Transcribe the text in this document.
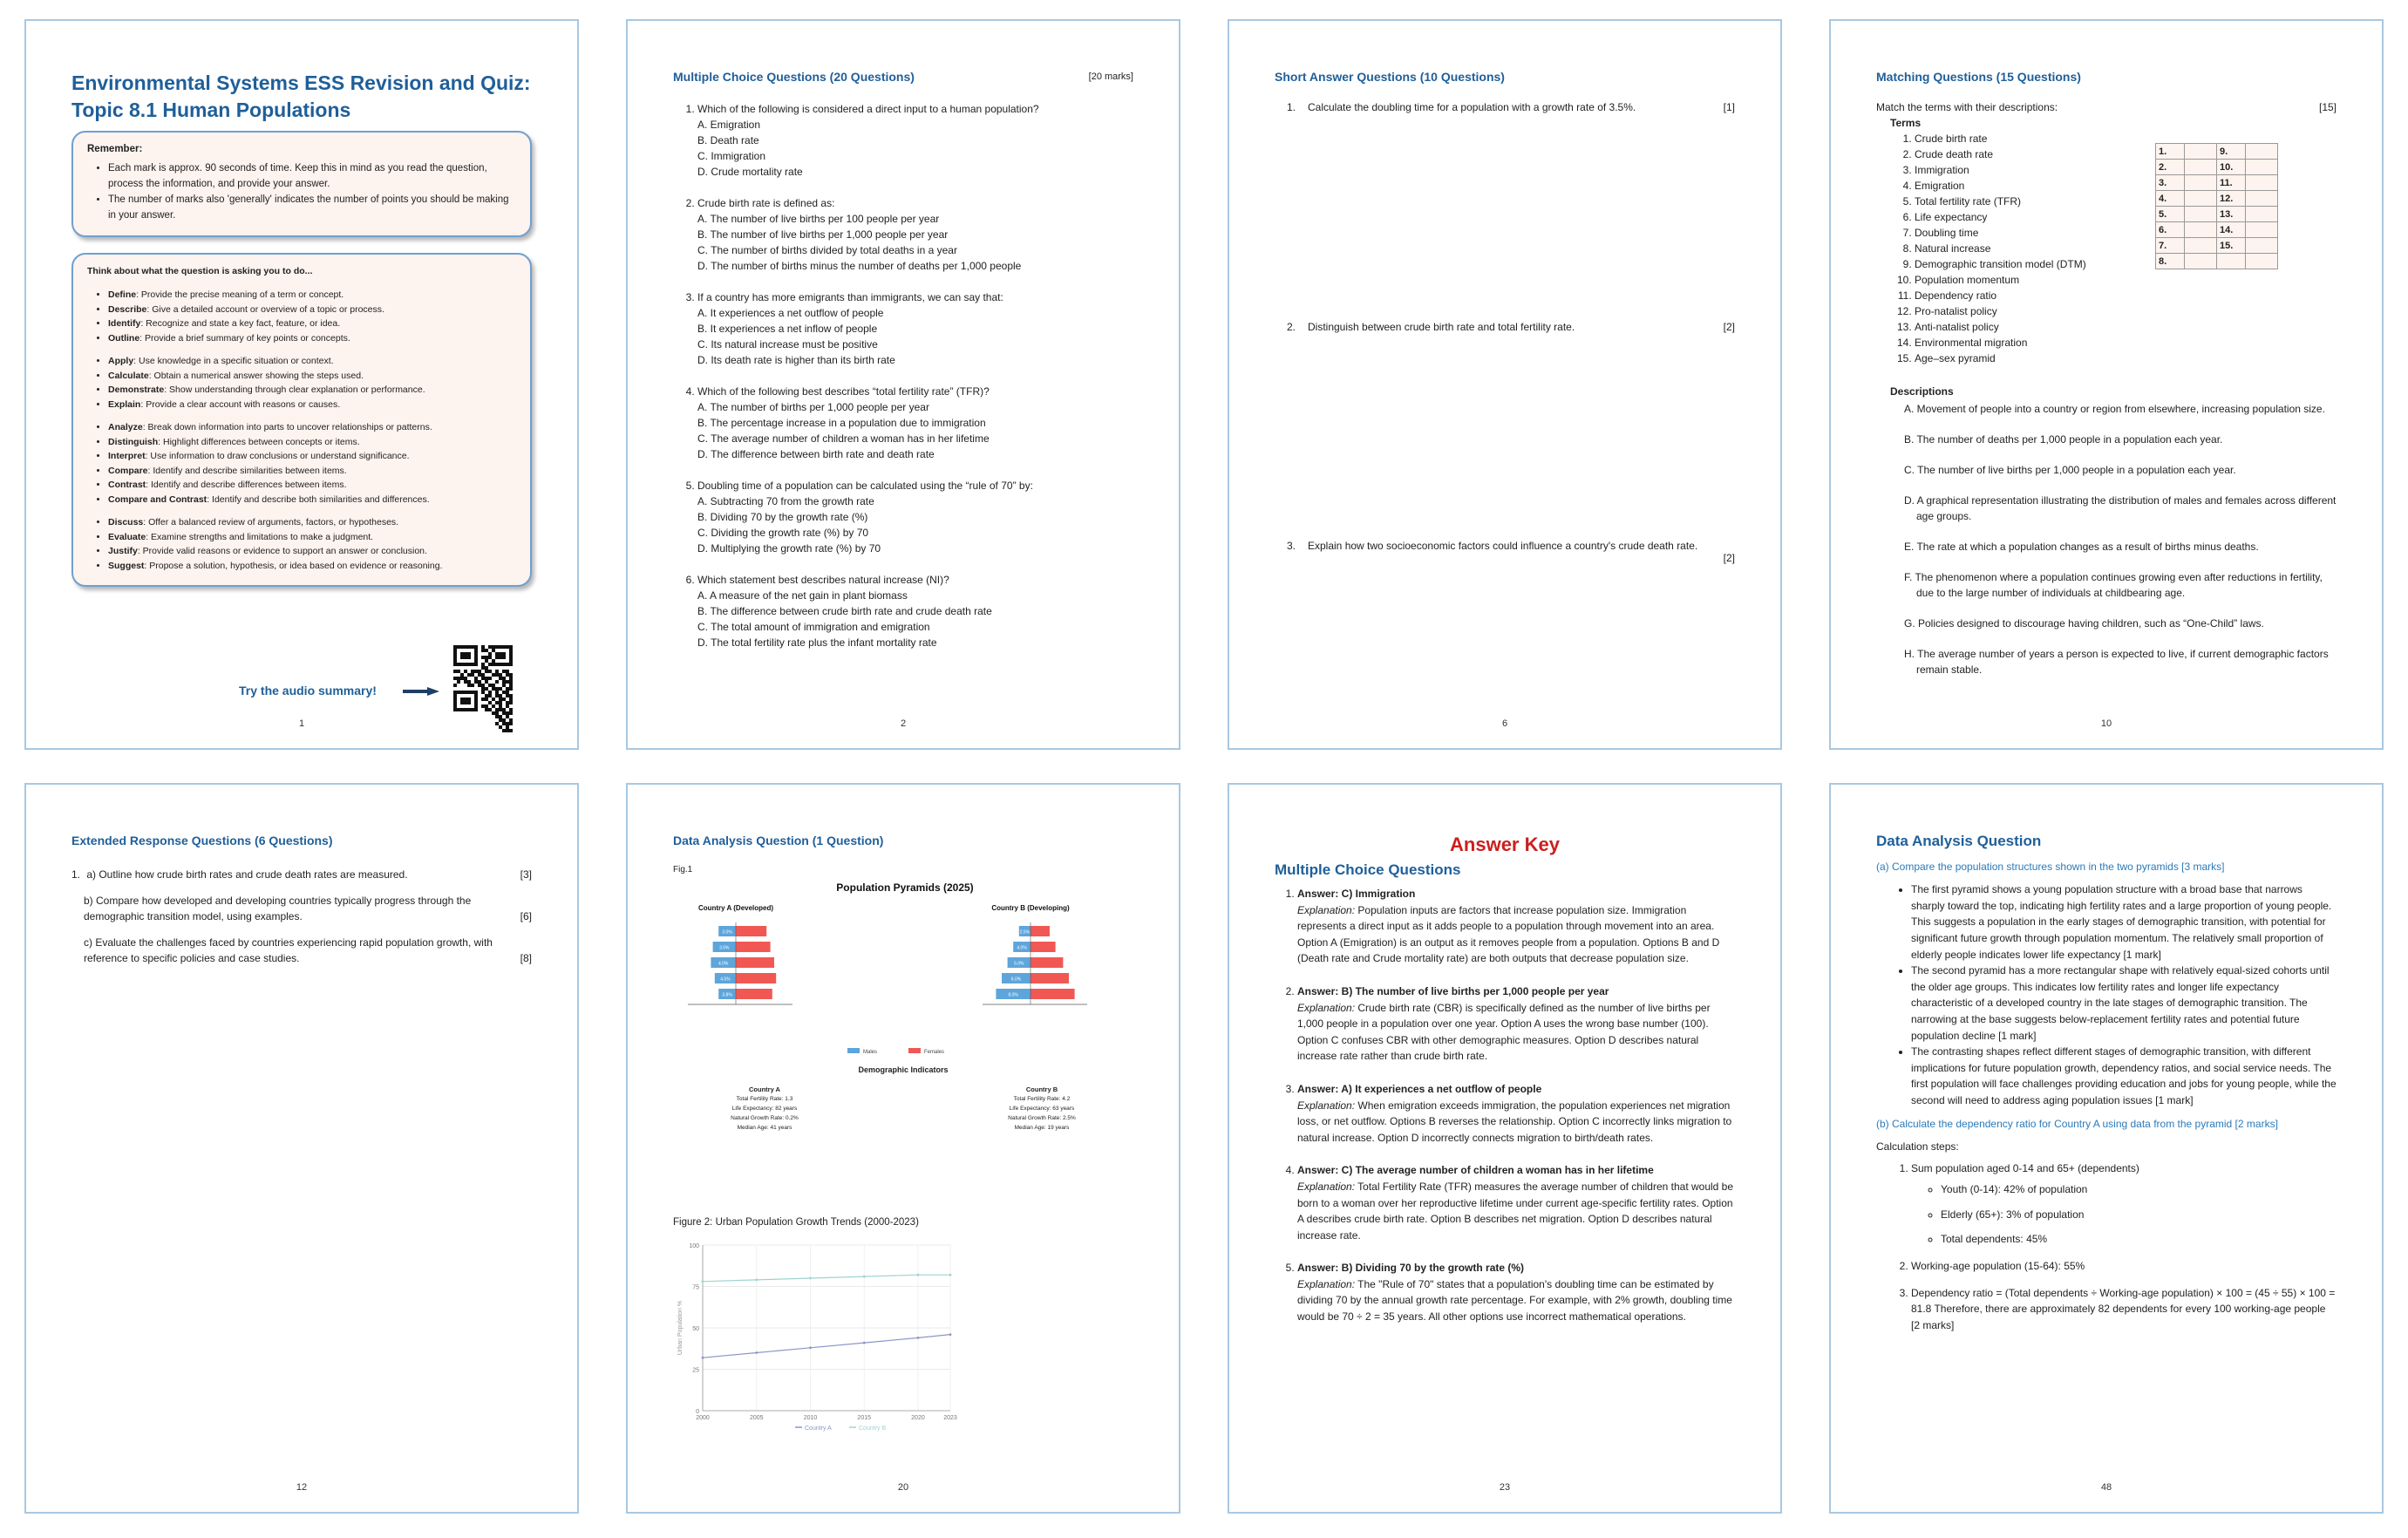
Environmental Systems ESS Revision and Quiz: Topic 8.1 Human Populations
Remember:
• Each mark is approx. 90 seconds of time. Keep this in mind as you read the question, process the information, and provide your answer.
• The number of marks also 'generally' indicates the number of points you should be making in your answer.
Think about what the question is asking you to do...
• Define: Provide the precise meaning of a term or concept.
• Describe: Give a detailed account or overview of a topic or process.
• Identify: Recognize and state a key fact, feature, or idea.
• Outline: Provide a brief summary of key points or concepts.
• Apply: Use knowledge in a specific situation or context.
• Calculate: Obtain a numerical answer showing the steps used.
• Demonstrate: Show understanding through clear explanation or performance.
• Explain: Provide a clear account with reasons or causes.
• Analyze: Break down information into parts to uncover relationships or patterns.
• Distinguish: Highlight differences between concepts or items.
• Interpret: Use information to draw conclusions or understand significance.
• Compare: Identify and describe similarities between items.
• Contrast: Identify and describe differences between items.
• Compare and Contrast: Identify and describe both similarities and differences.
• Discuss: Offer a balanced review of arguments, factors, or hypotheses.
• Evaluate: Examine strengths and limitations to make a judgment.
• Justify: Provide valid reasons or evidence to support an answer or conclusion.
• Suggest: Propose a solution, hypothesis, or idea based on evidence or reasoning.
Try the audio summary!
1
Multiple Choice Questions (20 Questions)	[20 marks]
1. Which of the following is considered a direct input to a human population?
A. Emigration
B. Death rate
C. Immigration
D. Crude mortality rate
2. Crude birth rate is defined as:
A. The number of live births per 100 people per year
B. The number of live births per 1,000 people per year
C. The number of births divided by total deaths in a year
D. The number of births minus the number of deaths per 1,000 people
3. If a country has more emigrants than immigrants, we can say that:
A. It experiences a net outflow of people
B. It experiences a net inflow of people
C. Its natural increase must be positive
D. Its death rate is higher than its birth rate
4. Which of the following best describes “total fertility rate” (TFR)?
A. The number of births per 1,000 people per year
B. The percentage increase in a population due to immigration
C. The average number of children a woman has in her lifetime
D. The difference between birth rate and death rate
5. Doubling time of a population can be calculated using the “rule of 70” by:
A. Subtracting 70 from the growth rate
B. Dividing 70 by the growth rate (%)
C. Dividing the growth rate (%) by 70
D. Multiplying the growth rate (%) by 70
6. Which statement best describes natural increase (NI)?
A. A measure of the net gain in plant biomass
B. The difference between crude birth rate and crude death rate
C. The total amount of immigration and emigration
D. The total fertility rate plus the infant mortality rate
2
Short Answer Questions (10 Questions)
1. Calculate the doubling time for a population with a growth rate of 3.5%.	[1]
2. Distinguish between crude birth rate and total fertility rate.	[2]
3. Explain how two socioeconomic factors could influence a country's crude death rate.
[2]
6
Matching Questions (15 Questions)
Match the terms with their descriptions:	[15]
Terms
1. Crude birth rate
2. Crude death rate
3. Immigration
4. Emigration
5. Total fertility rate (TFR)
6. Life expectancy
7. Doubling time
8. Natural increase
9. Demographic transition model (DTM)
10. Population momentum
11. Dependency ratio
12. Pro-natalist policy
13. Anti-natalist policy
14. Environmental migration
15. Age–sex pyramid
1.		9.	
2.		10.	
3.		11.	
4.		12.	
5.		13.	
6.		14.	
7.		15.	
8.			
Descriptions

A. Movement of people into a country or region from elsewhere, increasing population size.

B. The number of deaths per 1,000 people in a population each year.

C. The number of live births per 1,000 people in a population each year.

D. A graphical representation illustrating the distribution of males and females across different age groups.

E. The rate at which a population changes as a result of births minus deaths.

F. The phenomenon where a population continues growing even after reductions in fertility, due to the large number of individuals at childbearing age.

G. Policies designed to discourage having children, such as “One-Child” laws.

H. The average number of years a person is expected to live, if current demographic factors remain stable.

10
Extended Response Questions (6 Questions)
1. a) Outline how crude birth rates and crude death rates are measured.	[3]
b) Compare how developed and developing countries typically progress through the demographic transition model, using examples.	[6]
c) Evaluate the challenges faced by countries experiencing rapid population growth, with reference to specific policies and case studies.	[8]
12
Data Analysis Question (1 Question)
Fig.1
Population Pyramids (2025)
Country A (Developed)
3.0%
3.5%
4.0%
4.5%
3.8%
Country B (Developing)
2.5%
4.0%
5.0%
6.0%
8.0%
Males	Females
Demographic Indicators
Country A
Total Fertility Rate: 1.3
Life Expectancy: 82 years
Natural Growth Rate: 0.2%
Median Age: 41 years
Country B
Total Fertility Rate: 4.2
Life Expectancy: 63 years
Natural Growth Rate: 2.5%
Median Age: 19 years
Figure 2: Urban Population Growth Trends (2000-2023)
0
25
50
75
100
2000	2005	2010	2015	2020	2023
Urban Population %
Country A	Country B
20
Answer Key
Multiple Choice Questions
1. Answer: C) Immigration
Explanation: Population inputs are factors that increase population size. Immigration represents a direct input as it adds people to a population through movement into an area. Option A (Emigration) is an output as it removes people from a population. Options B and D (Death rate and Crude mortality rate) are both outputs that decrease population size.
2. Answer: B) The number of live births per 1,000 people per year
Explanation: Crude birth rate (CBR) is specifically defined as the number of live births per 1,000 people in a population over one year. Option A uses the wrong base number (100). Option C confuses CBR with other demographic measures. Option D describes natural increase rate rather than crude birth rate.
3. Answer: A) It experiences a net outflow of people
Explanation: When emigration exceeds immigration, the population experiences net migration loss, or net outflow. Options B reverses the relationship. Option C incorrectly links migration to natural increase. Option D incorrectly connects migration to birth/death rates.
4. Answer: C) The average number of children a woman has in her lifetime
Explanation: Total Fertility Rate (TFR) measures the average number of children that would be born to a woman over her reproductive lifetime under current age-specific fertility rates. Option A describes crude birth rate. Option B describes net migration. Option D describes natural increase rate.
5. Answer: B) Dividing 70 by the growth rate (%)
Explanation: The "Rule of 70" states that a population's doubling time can be estimated by dividing 70 by the annual growth rate percentage. For example, with 2% growth, doubling time would be 70 ÷ 2 = 35 years. All other options use incorrect mathematical operations.
23
Data Analysis Question
(a) Compare the population structures shown in the two pyramids [3 marks]
• The first pyramid shows a young population structure with a broad base that narrows sharply toward the top, indicating high fertility rates and a large proportion of young people. This suggests a population in the early stages of demographic transition, with potential for significant future growth through population momentum. The relatively small proportion of elderly people indicates lower life expectancy [1 mark]
• The second pyramid has a more rectangular shape with relatively equal-sized cohorts until the older age groups. This indicates low fertility rates and longer life expectancy characteristic of a developed country in the late stages of demographic transition. The narrowing at the base suggests below-replacement fertility rates and potential future population decline [1 mark]
• The contrasting shapes reflect different stages of demographic transition, with different implications for future population growth, dependency ratios, and social service needs. The first population will face challenges providing education and jobs for young people, while the second will need to address aging population issues [1 mark]
(b) Calculate the dependency ratio for Country A using data from the pyramid [2 marks]
Calculation steps:
1. Sum population aged 0-14 and 65+ (dependents)
◦ Youth (0-14): 42% of population
◦ Elderly (65+): 3% of population
◦ Total dependents: 45%
2. Working-age population (15-64): 55%
3. Dependency ratio = (Total dependents ÷ Working-age population) × 100 = (45 ÷ 55) × 100 = 81.8 Therefore, there are approximately 82 dependents for every 100 working-age people [2 marks]
48
